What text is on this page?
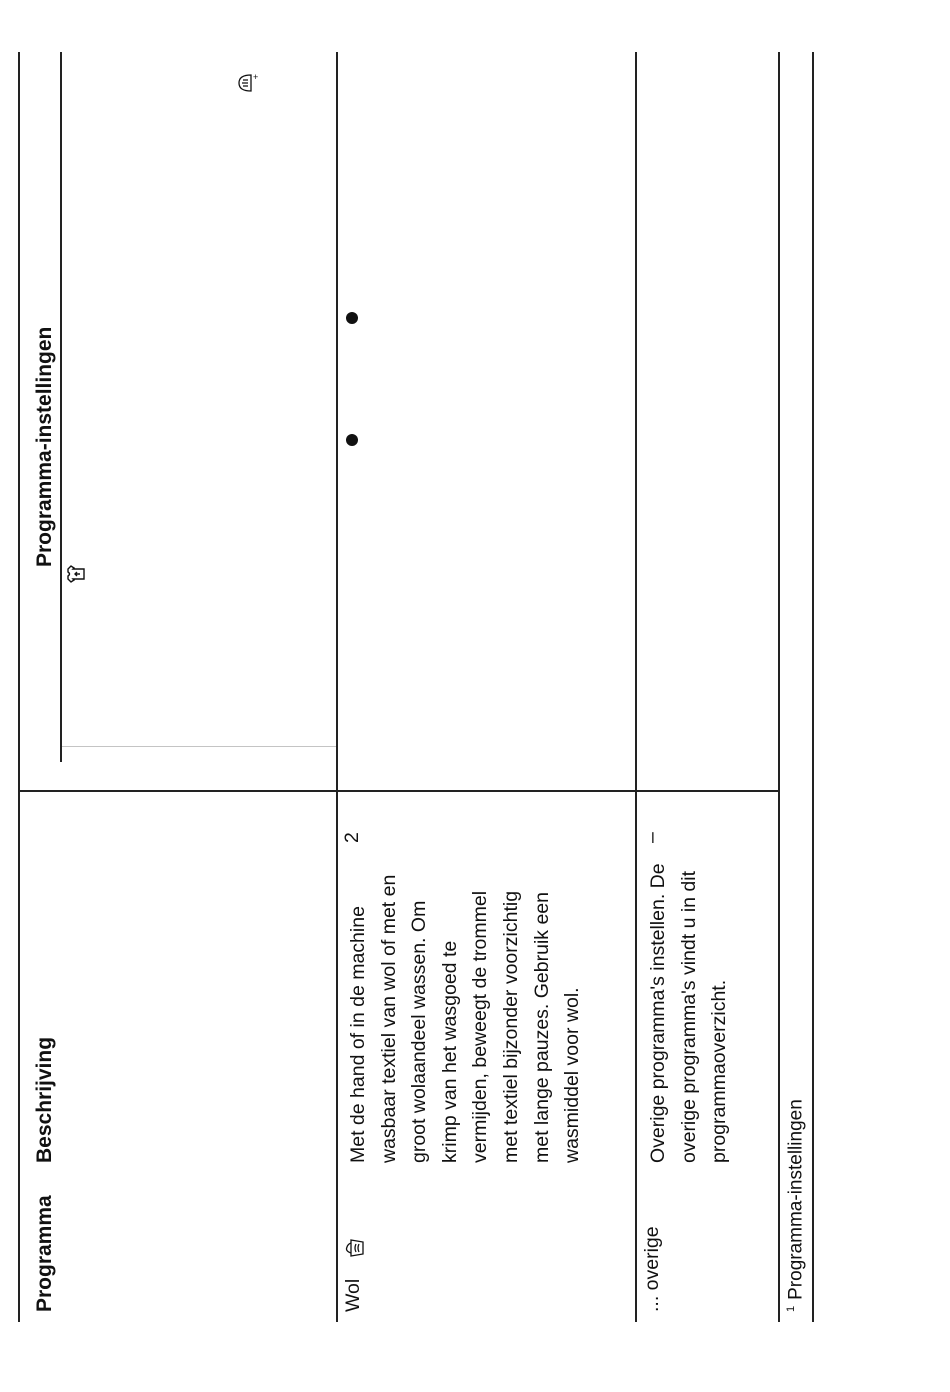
Programma
Beschrijving
Programma-instellingen
+
Wol
Met de hand of in de machine wasbaar textiel van wol of met en groot wolaandeel wassen. Om krimp van het wasgoed te vermijden, beweegt de trommel met textiel bijzonder voorzichtig met lange pauzes. Gebruik een wasmiddel voor wol.
2
... overige
Overige programma's instellen. De overige programma's vindt u in dit programmaoverzicht.
–
$^1$Programma-instellingen
